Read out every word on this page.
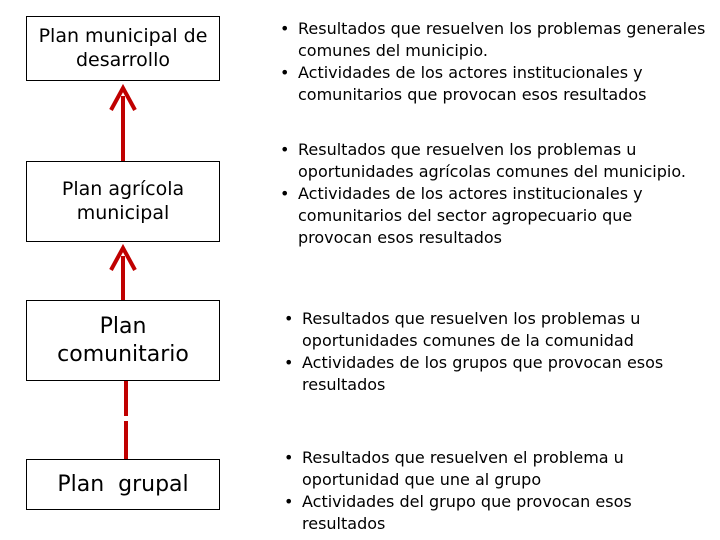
Plan municipal de
desarrollo
Plan agrícola
municipal
Plan
comunitario
Plan  grupal
• Resultados que resuelven los problemas generales comunes del municipio.
• Actividades de los actores institucionales y comunitarios que provocan esos resultados
• Resultados que resuelven los problemas u oportunidades agrícolas comunes del municipio.
• Actividades de los actores institucionales y comunitarios del sector agropecuario que provocan esos resultados
• Resultados que resuelven los problemas u oportunidades comunes de la comunidad
• Actividades de los grupos que provocan esos resultados
• Resultados que resuelven el problema u oportunidad que une al grupo
• Actividades del grupo que provocan esos resultados
